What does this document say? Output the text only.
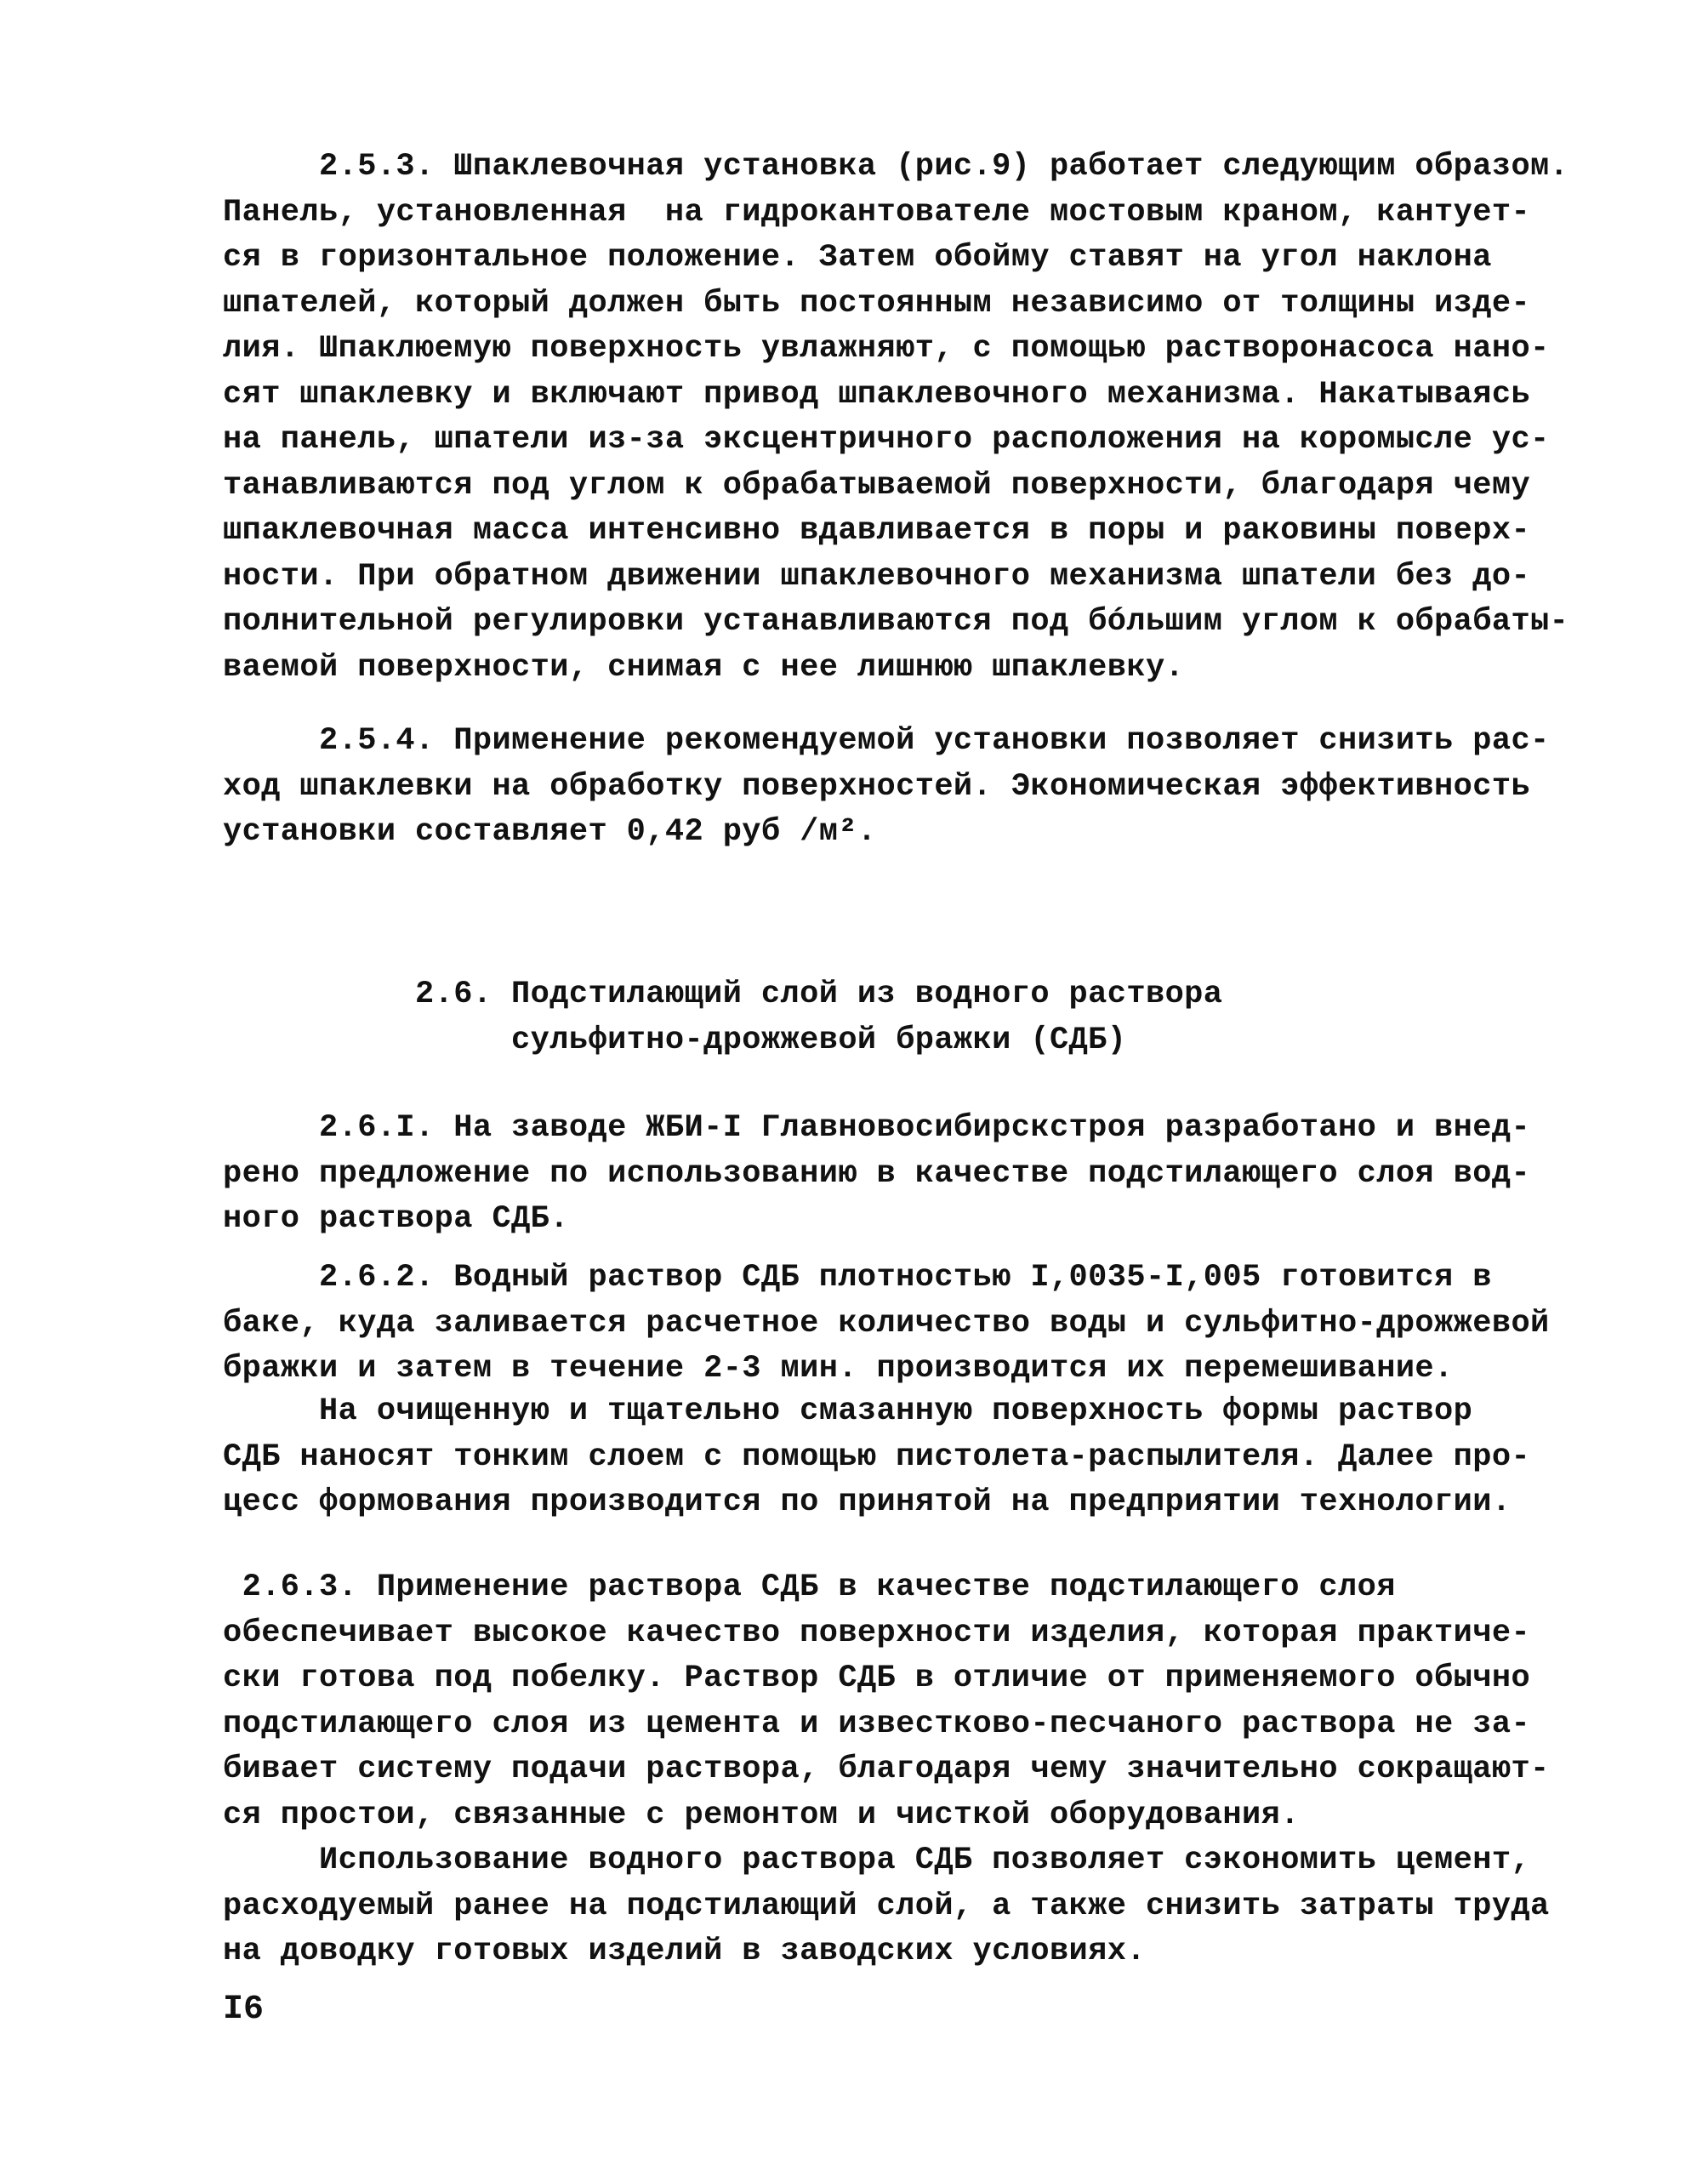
2.5.3. Шпаклевочная установка (рис.9) работает следующим образом.
Панель, установленная  на гидрокантователе мостовым краном, кантует-
ся в горизонтальное положение. Затем обойму ставят на угол наклона
шпателей, который должен быть постоянным независимо от толщины изде-
лия. Шпаклюемую поверхность увлажняют, с помощью растворонасоса нано-
сят шпаклевку и включают привод шпаклевочного механизма. Накатываясь
на панель, шпатели из-за эксцентричного расположения на коромысле ус-
танавливаются под углом к обрабатываемой поверхности, благодаря чему
шпаклевочная масса интенсивно вдавливается в поры и раковины поверх-
ности. При обратном движении шпаклевочного механизма шпатели без до-
полнительной регулировки устанавливаются под бóльшим углом к обрабаты-
ваемой поверхности, снимая с нее лишнюю шпаклевку.
2.5.4. Применение рекомендуемой установки позволяет снизить рас-
ход шпаклевки на обработку поверхностей. Экономическая эффективность
установки составляет 0,42 руб /м².
2.6. Подстилающий слой из водного раствора
сульфитно-дрожжевой бражки (СДБ)
2.6.I. На заводе ЖБИ-I Главновосибирскстроя разработано и внед-
рено предложение по использованию в качестве подстилающего слоя вод-
ного раствора СДБ.
2.6.2. Водный раствор СДБ плотностью I,0035-I,005 готовится в
баке, куда заливается расчетное количество воды и сульфитно-дрожжевой
бражки и затем в течение 2-3 мин. производится их перемешивание.
На очищенную и тщательно смазанную поверхность формы раствор
СДБ наносят тонким слоем с помощью пистолета-распылителя. Далее про-
цесс формования производится по принятой на предприятии технологии.
2.6.3. Применение раствора СДБ в качестве подстилающего слоя
обеспечивает высокое качество поверхности изделия, которая практиче-
ски готова под побелку. Раствор СДБ в отличие от применяемого обычно
подстилающего слоя из цемента и известково-песчаного раствора не за-
бивает систему подачи раствора, благодаря чему значительно сокращают-
ся простои, связанные с ремонтом и чисткой оборудования.
Использование водного раствора СДБ позволяет сэкономить цемент,
расходуемый ранее на подстилающий слой, а также снизить затраты труда
на доводку готовых изделий в заводских условиях.
I6
